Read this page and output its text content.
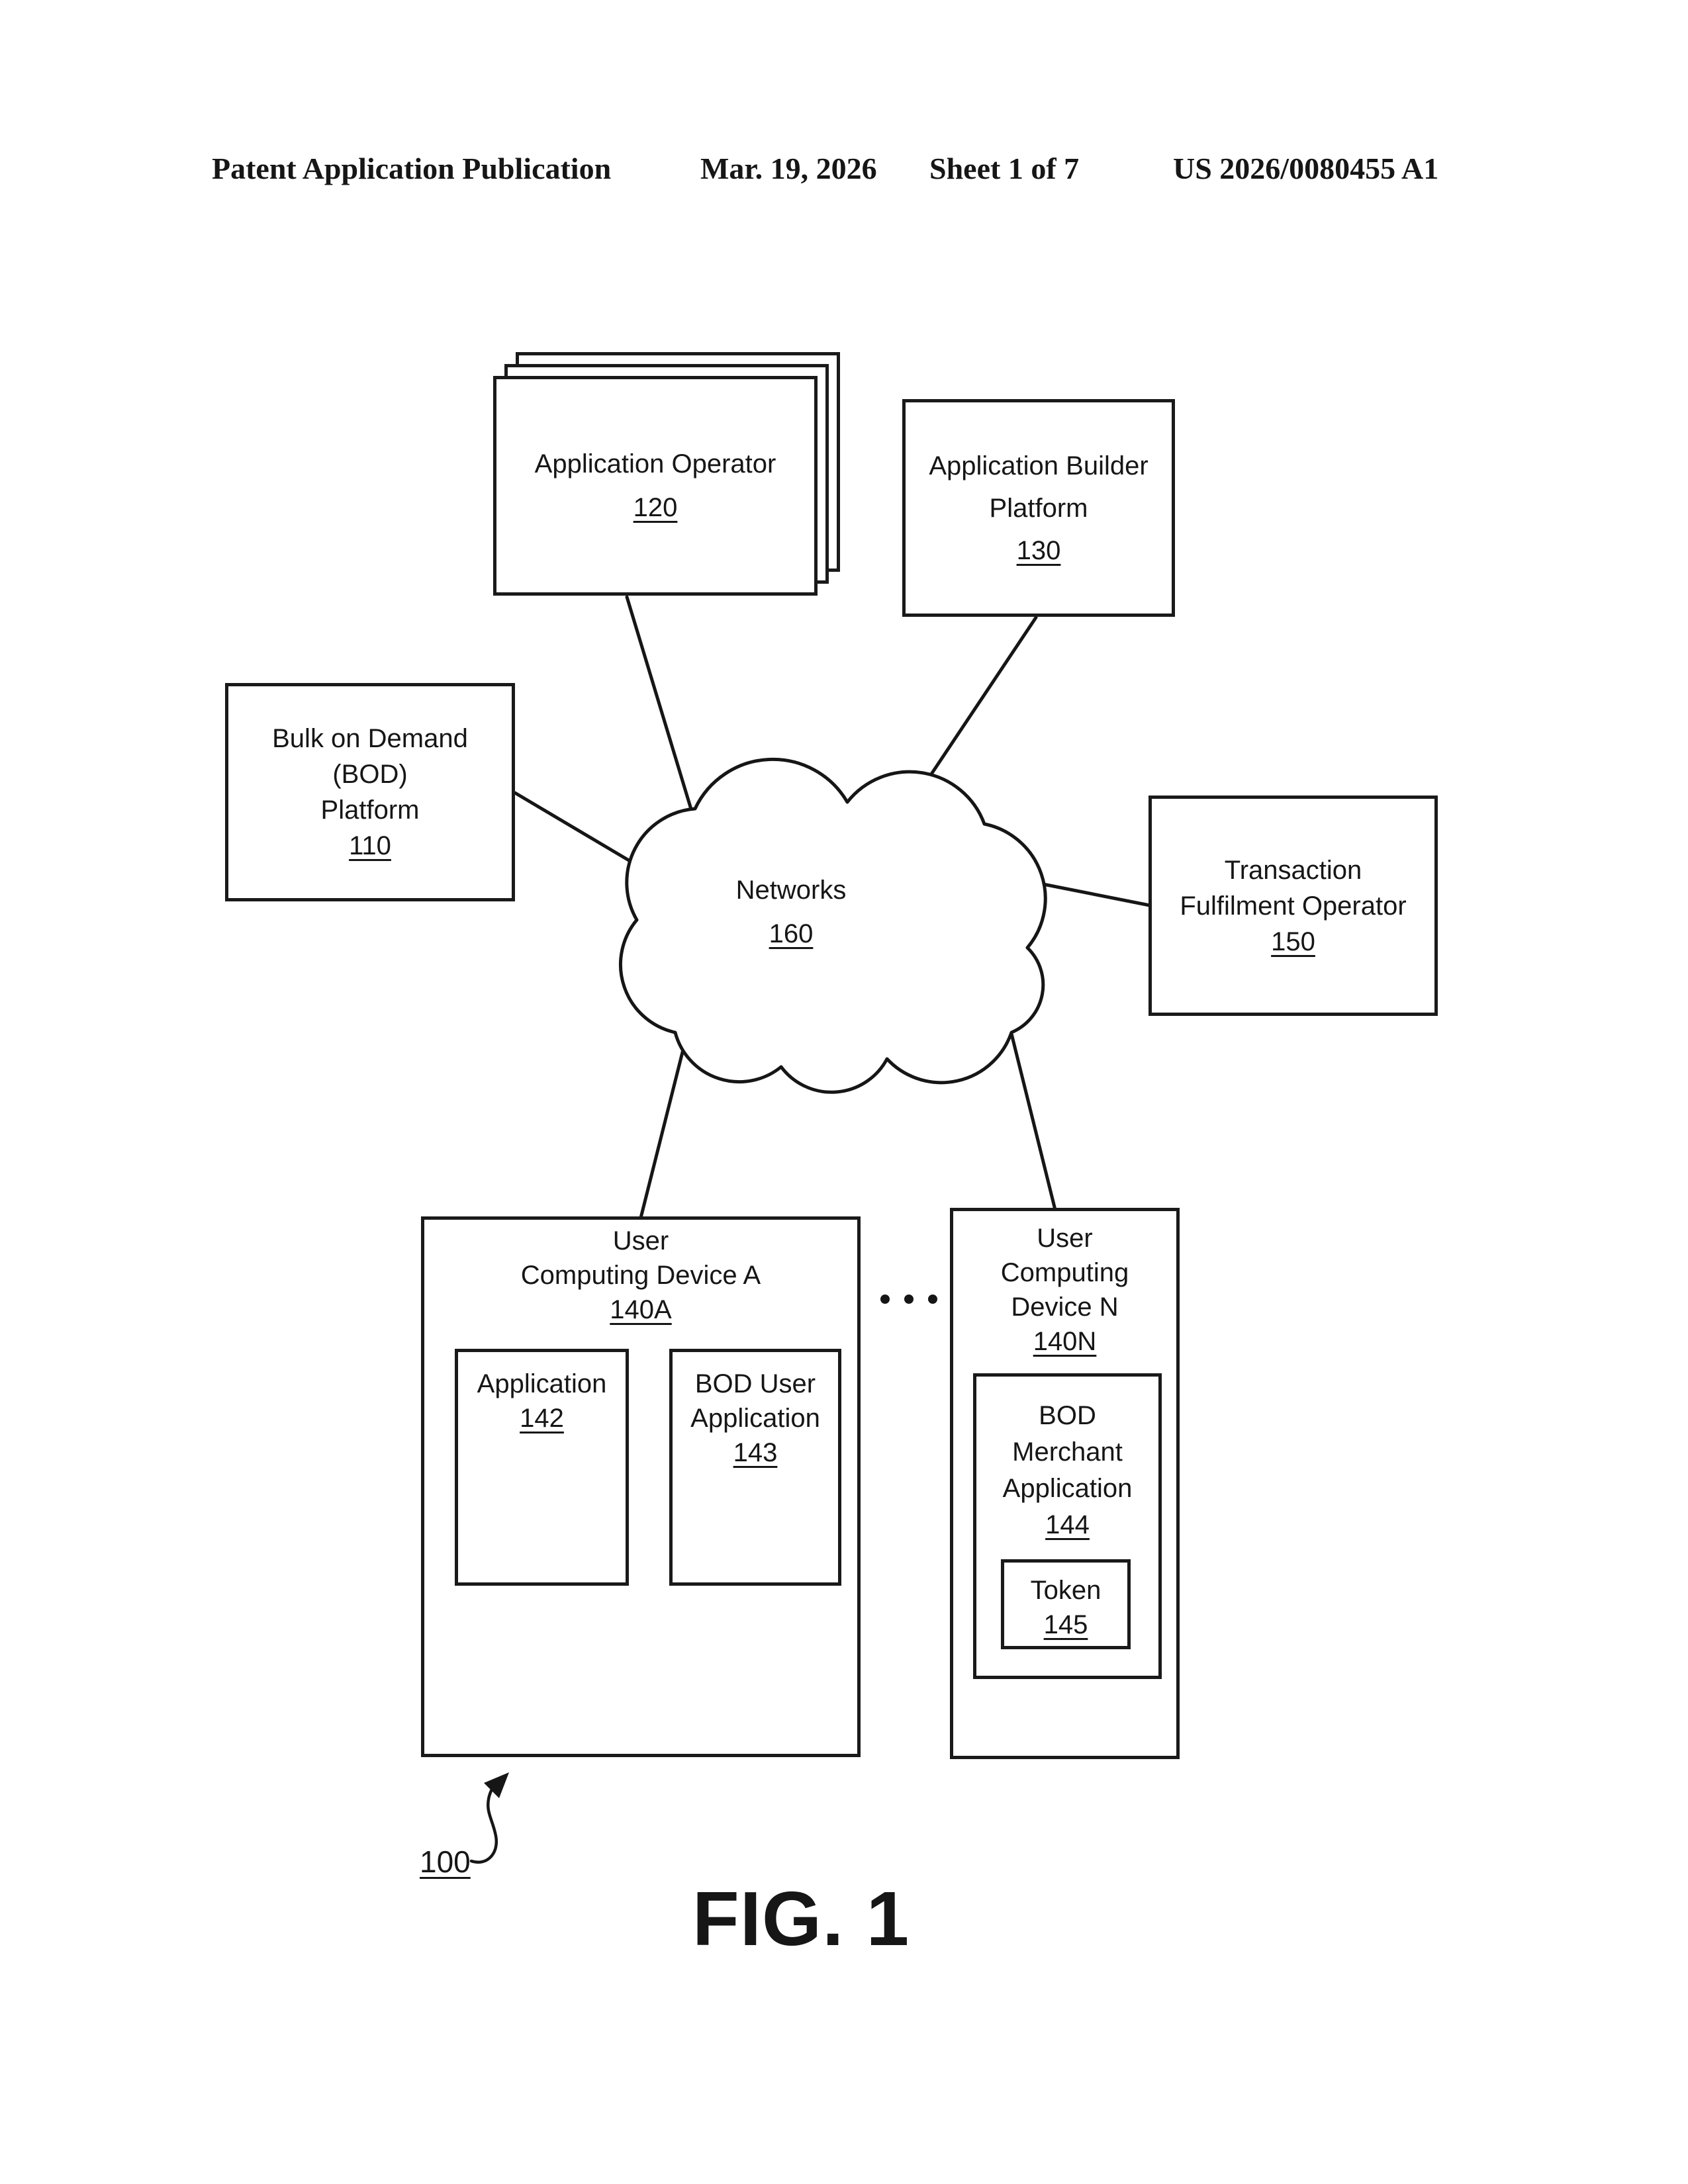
Patent Application Publication	Mar. 19, 2026 Sheet 1 of 7	US 2026/0080455 A1
Application Operator
120
Application Builder
Platform
130
Bulk on Demand
(BOD)
Platform
110
Networks
160
Transaction
Fulfilment Operator
150
User
Computing Device A
140A
Application
142
BOD User
Application
143
User
Computing
Device N
140N
BOD
Merchant
Application
144
Token
145
100
FIG. 1
